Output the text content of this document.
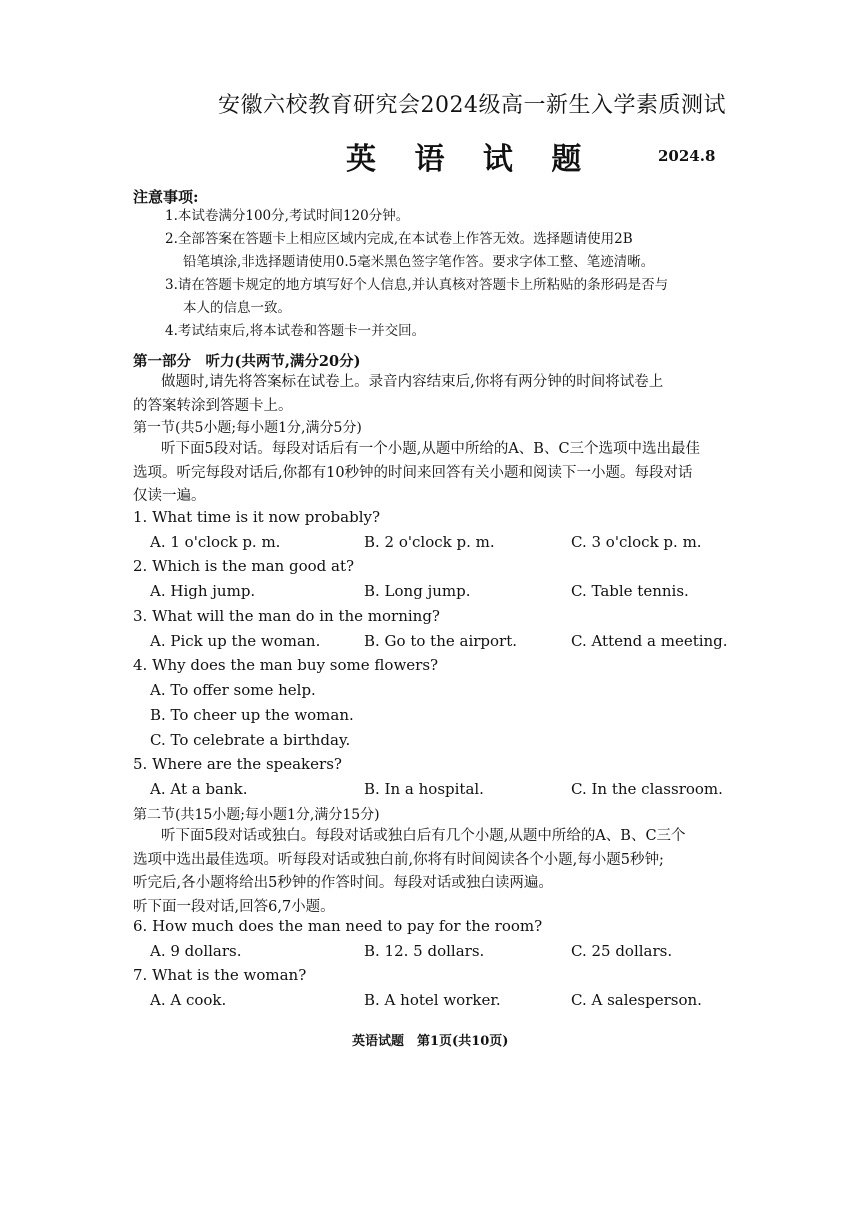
安徽六校教育研究会2024级高一新生入学素质测试
英 语 试 题	2024.8
注意事项:
1.本试卷满分100分,考试时间120分钟。
2.全部答案在答题卡上相应区域内完成,在本试卷上作答无效。选择题请使用2B
铅笔填涂,非选择题请使用0.5毫米黑色签字笔作答。要求字体工整、笔迹清晰。
3.请在答题卡规定的地方填写好个人信息,并认真核对答题卡上所粘贴的条形码是否与
本人的信息一致。
4.考试结束后,将本试卷和答题卡一并交回。
第一部分　听力(共两节,满分20分)
做题时,请先将答案标在试卷上。录音内容结束后,你将有两分钟的时间将试卷上
的答案转涂到答题卡上。
第一节(共5小题;每小题1分,满分5分)
听下面5段对话。每段对话后有一个小题,从题中所给的A、B、C三个选项中选出最佳
选项。听完每段对话后,你都有10秒钟的时间来回答有关小题和阅读下一小题。每段对话
仅读一遍。
1. What time is it now probably?
A. 1 o'clock p. m.	B. 2 o'clock p. m.	C. 3 o'clock p. m.
2. Which is the man good at?
A. High jump.	B. Long jump.	C. Table tennis.
3. What will the man do in the morning?
A. Pick up the woman.	B. Go to the airport.	C. Attend a meeting.
4. Why does the man buy some flowers?
A. To offer some help.
B. To cheer up the woman.
C. To celebrate a birthday.
5. Where are the speakers?
A. At a bank.	B. In a hospital.	C. In the classroom.
第二节(共15小题;每小题1分,满分15分)
听下面5段对话或独白。每段对话或独白后有几个小题,从题中所给的A、B、C三个
选项中选出最佳选项。听每段对话或独白前,你将有时间阅读各个小题,每小题5秒钟;
听完后,各小题将给出5秒钟的作答时间。每段对话或独白读两遍。
听下面一段对话,回答6,7小题。
6. How much does the man need to pay for the room?
A. 9 dollars.	B. 12. 5 dollars.	C. 25 dollars.
7. What is the woman?
A. A cook.	B. A hotel worker.	C. A salesperson.
英语试题　第1页(共10页)
